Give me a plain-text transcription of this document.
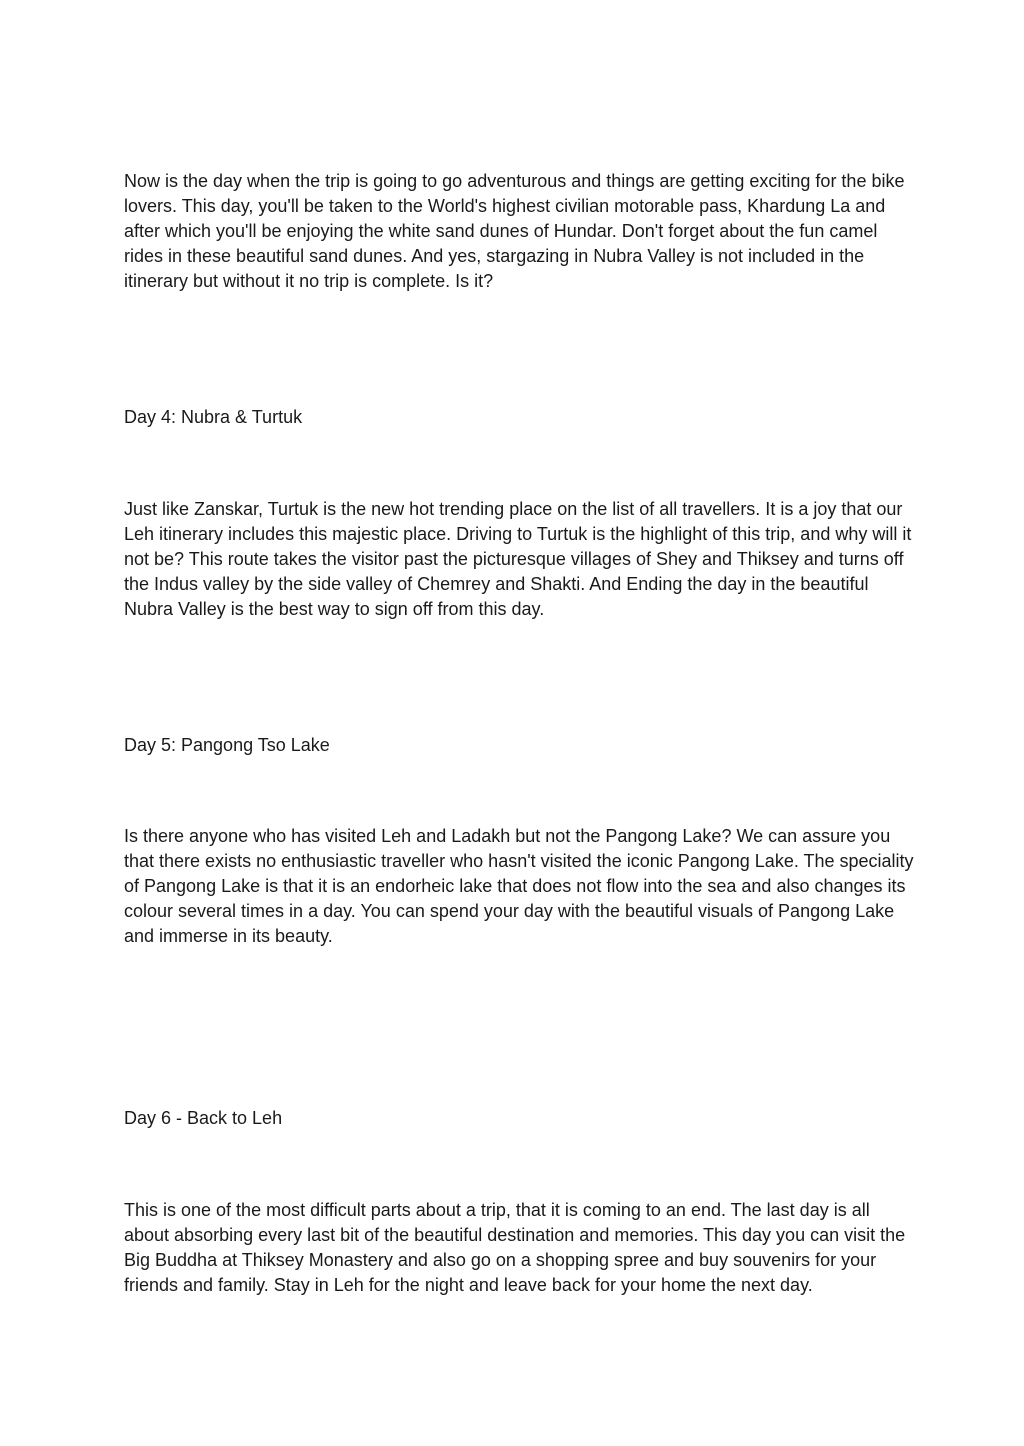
Now is the day when the trip is going to go adventurous and things are getting exciting for the bike lovers. This day, you'll be taken to the World's highest civilian motorable pass, Khardung La and after which you'll be enjoying the white sand dunes of Hundar. Don't forget about the fun camel rides in these beautiful sand dunes. And yes, stargazing in Nubra Valley is not included in the itinerary but without it no trip is complete. Is it?

Day 4: Nubra & Turtuk

Just like Zanskar, Turtuk is the new hot trending place on the list of all travellers. It is a joy that our Leh itinerary includes this majestic place. Driving to Turtuk is the highlight of this trip, and why will it not be? This route takes the visitor past the picturesque villages of Shey and Thiksey and turns off the Indus valley by the side valley of Chemrey and Shakti. And Ending the day in the beautiful Nubra Valley is the best way to sign off from this day.

Day 5: Pangong Tso Lake

Is there anyone who has visited Leh and Ladakh but not the Pangong Lake? We can assure you that there exists no enthusiastic traveller who hasn't visited the iconic Pangong Lake. The speciality of Pangong Lake is that it is an endorheic lake that does not flow into the sea and also changes its colour several times in a day. You can spend your day with the beautiful visuals of Pangong Lake and immerse in its beauty.

Day 6 - Back to Leh

This is one of the most difficult parts about a trip, that it is coming to an end. The last day is all about absorbing every last bit of the beautiful destination and memories. This day you can visit the Big Buddha at Thiksey Monastery and also go on a shopping spree and buy souvenirs for your friends and family. Stay in Leh for the night and leave back for your home the next day.
